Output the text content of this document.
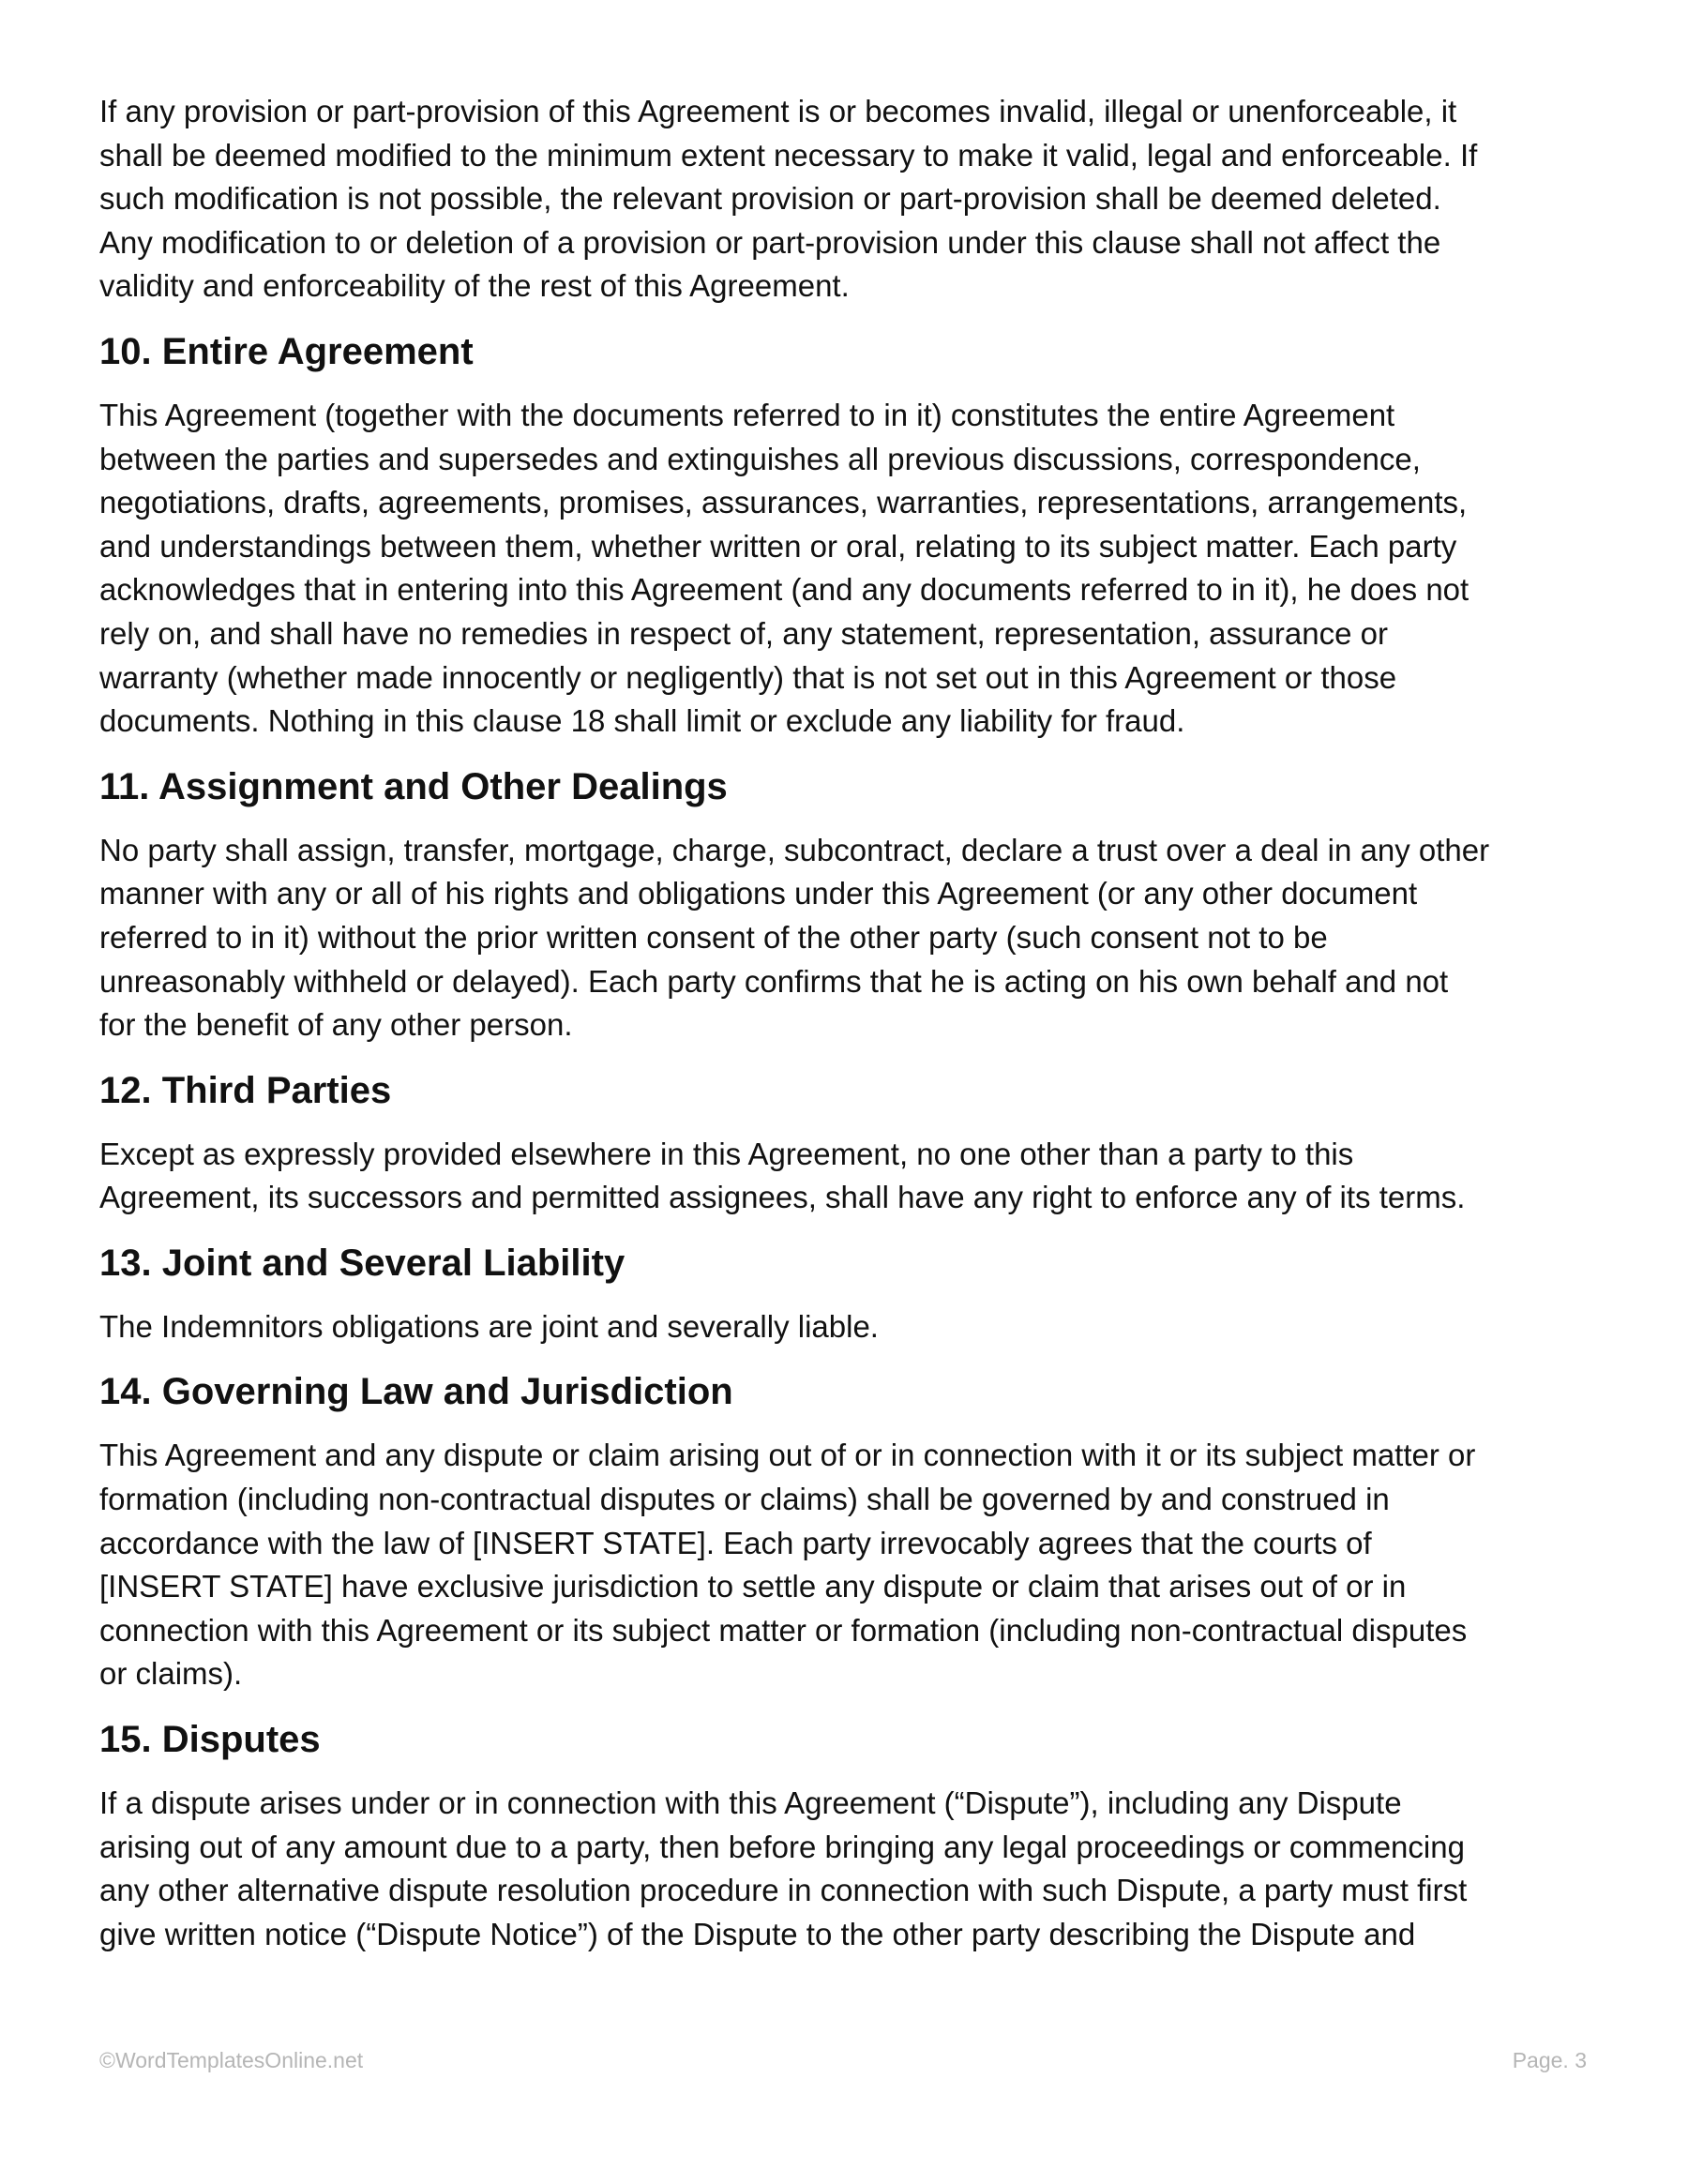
If any provision or part-provision of this Agreement is or becomes invalid, illegal or unenforceable, it
shall be deemed modified to the minimum extent necessary to make it valid, legal and enforceable. If
such modification is not possible, the relevant provision or part-provision shall be deemed deleted.
Any modification to or deletion of a provision or part-provision under this clause shall not affect the
validity and enforceability of the rest of this Agreement.
10. Entire Agreement
This Agreement (together with the documents referred to in it) constitutes the entire Agreement
between the parties and supersedes and extinguishes all previous discussions, correspondence,
negotiations, drafts, agreements, promises, assurances, warranties, representations, arrangements,
and understandings between them, whether written or oral, relating to its subject matter. Each party
acknowledges that in entering into this Agreement (and any documents referred to in it), he does not
rely on, and shall have no remedies in respect of, any statement, representation, assurance or
warranty (whether made innocently or negligently) that is not set out in this Agreement or those
documents. Nothing in this clause 18 shall limit or exclude any liability for fraud.
11. Assignment and Other Dealings
No party shall assign, transfer, mortgage, charge, subcontract, declare a trust over a deal in any other
manner with any or all of his rights and obligations under this Agreement (or any other document
referred to in it) without the prior written consent of the other party (such consent not to be
unreasonably withheld or delayed). Each party confirms that he is acting on his own behalf and not
for the benefit of any other person.
12. Third Parties
Except as expressly provided elsewhere in this Agreement, no one other than a party to this
Agreement, its successors and permitted assignees, shall have any right to enforce any of its terms.
13. Joint and Several Liability
The Indemnitors obligations are joint and severally liable.
14. Governing Law and Jurisdiction
This Agreement and any dispute or claim arising out of or in connection with it or its subject matter or
formation (including non-contractual disputes or claims) shall be governed by and construed in
accordance with the law of [INSERT STATE]. Each party irrevocably agrees that the courts of
[INSERT STATE] have exclusive jurisdiction to settle any dispute or claim that arises out of or in
connection with this Agreement or its subject matter or formation (including non-contractual disputes
or claims).
15. Disputes
If a dispute arises under or in connection with this Agreement (“Dispute”), including any Dispute
arising out of any amount due to a party, then before bringing any legal proceedings or commencing
any other alternative dispute resolution procedure in connection with such Dispute, a party must first
give written notice (“Dispute Notice”) of the Dispute to the other party describing the Dispute and
©WordTemplatesOnline.net	Page. 3
